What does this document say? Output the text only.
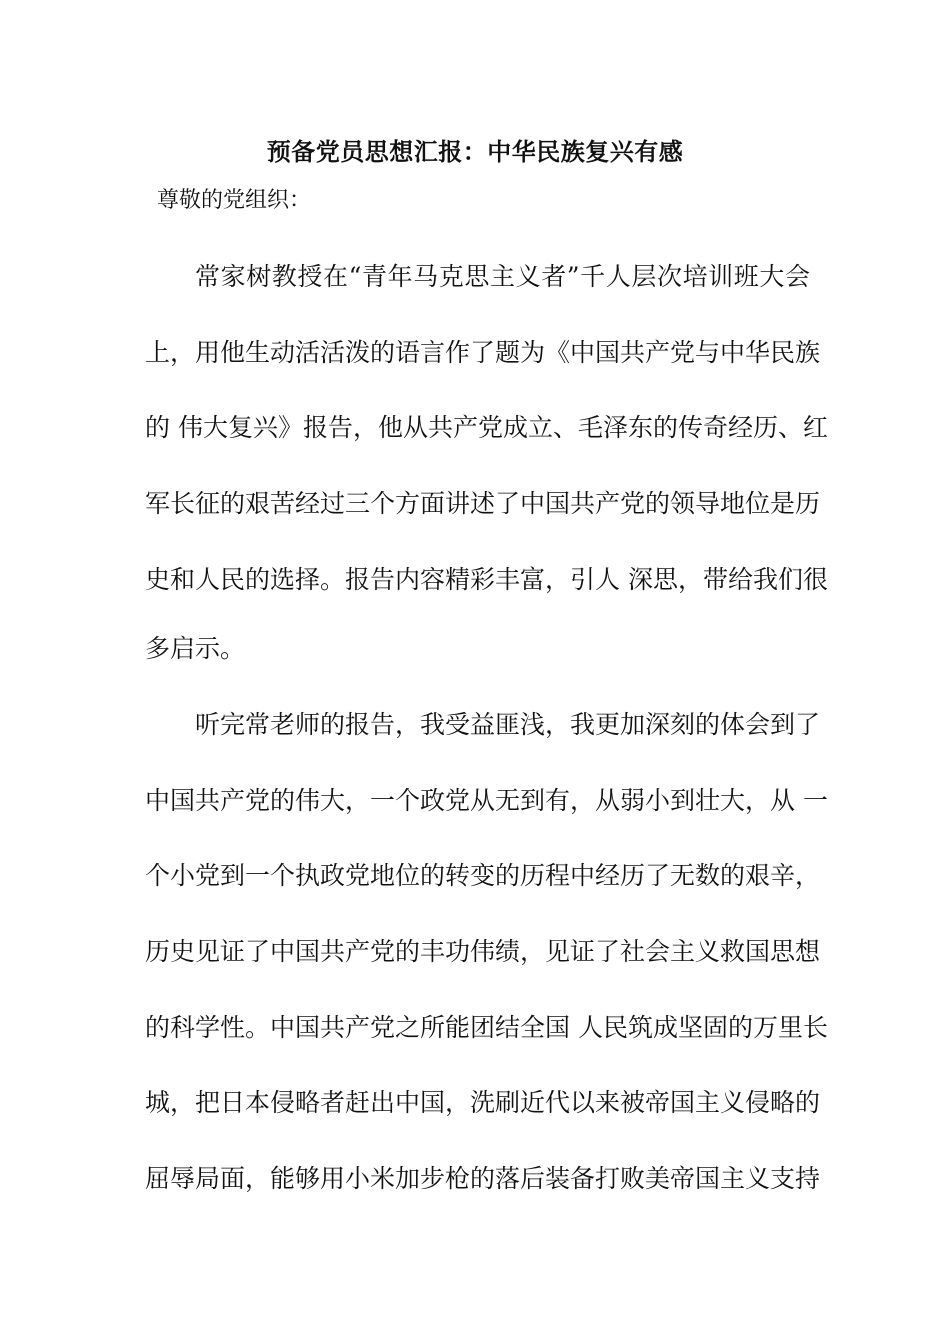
预备党员思想汇报：中华民族复兴有感

尊敬的党组织：

常家树教授在“青年马克思主义者”千人层次培训班大会

上，用他生动活活泼的语言作了题为《中国共产党与中华民族

的 伟大复兴》报告，他从共产党成立、毛泽东的传奇经历、红

军长征的艰苦经过三个方面讲述了中国共产党的领导地位是历

史和人民的选择。报告内容精彩丰富，引人 深思，带给我们很

多启示。

听完常老师的报告，我受益匪浅，我更加深刻的体会到了

中国共产党的伟大，一个政党从无到有，从弱小到壮大，从 一

个小党到一个执政党地位的转变的历程中经历了无数的艰辛，

历史见证了中国共产党的丰功伟绩，见证了社会主义救国思想

的科学性。中国共产党之所能团结全国 人民筑成坚固的万里长

城，把日本侵略者赶出中国，洗刷近代以来被帝国主义侵略的

屈辱局面，能够用小米加步枪的落后装备打败美帝国主义支持
